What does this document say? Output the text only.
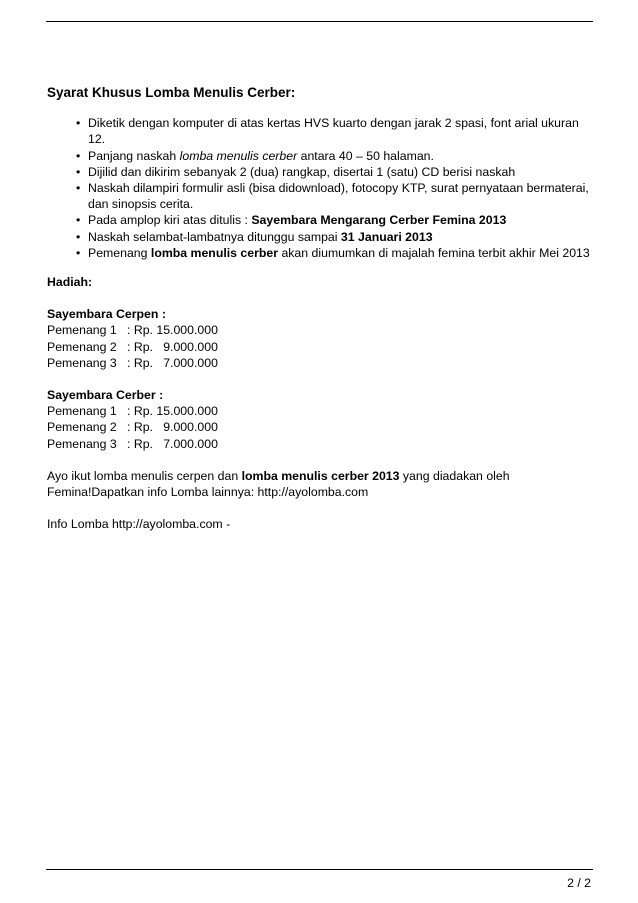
Syarat Khusus Lomba Menulis Cerber:
• Diketik dengan komputer di atas kertas HVS kuarto dengan jarak 2 spasi, font arial ukuran 12.
• Panjang naskah lomba menulis cerber antara 40 – 50 halaman.
• Dijilid dan dikirim sebanyak 2 (dua) rangkap, disertai 1 (satu) CD berisi naskah
• Naskah dilampiri formulir asli (bisa didownload), fotocopy KTP, surat pernyataan bermaterai, dan sinopsis cerita.
• Pada amplop kiri atas ditulis : Sayembara Mengarang Cerber Femina 2013
• Naskah selambat-lambatnya ditunggu sampai 31 Januari 2013
• Pemenang lomba menulis cerber akan diumumkan di majalah femina terbit akhir Mei 2013
Hadiah:
Sayembara Cerpen :
Pemenang 1   : Rp. 15.000.000
Pemenang 2   : Rp.   9.000.000
Pemenang 3   : Rp.   7.000.000
Sayembara Cerber :
Pemenang 1   : Rp. 15.000.000
Pemenang 2   : Rp.   9.000.000
Pemenang 3   : Rp.   7.000.000
Ayo ikut lomba menulis cerpen dan lomba menulis cerber 2013 yang diadakan oleh Femina!Dapatkan info Lomba lainnya: http://ayolomba.com
Info Lomba http://ayolomba.com -
2 / 2
